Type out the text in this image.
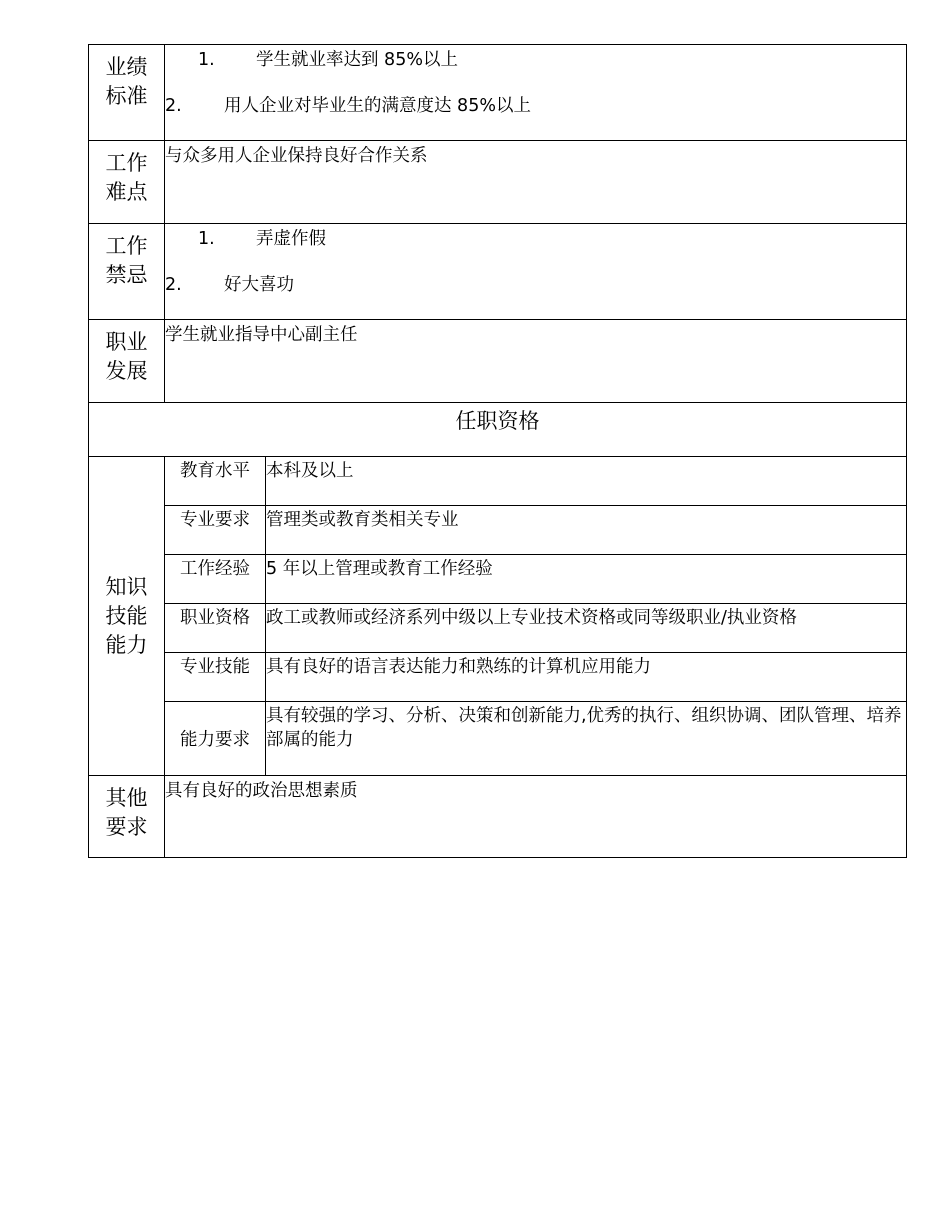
业绩
标准	1. 学生就业率达到 85%以上
2. 用人企业对毕业生的满意度达 85%以上	

工作
难点	与众多用人企业保持良好合作关系	

工作
禁忌	1. 弄虚作假
2. 好大喜功	

职业
发展	学生就业指导中心副主任	
任职资格		

知识
技能
能力	教育水平	本科及以上
	专业要求	管理类或教育类相关专业
	工作经验	5 年以上管理或教育工作经验
	职业资格	政工或教师或经济系列中级以上专业技术资格或同等级职业/执业资格
	专业技能	具有良好的语言表达能力和熟练的计算机应用能力
	能力要求	具有较强的学习、分析、决策和创新能力,优秀的执行、组织协调、团队管理、培养部属的能力

其他
要求	具有良好的政治思想素质	
